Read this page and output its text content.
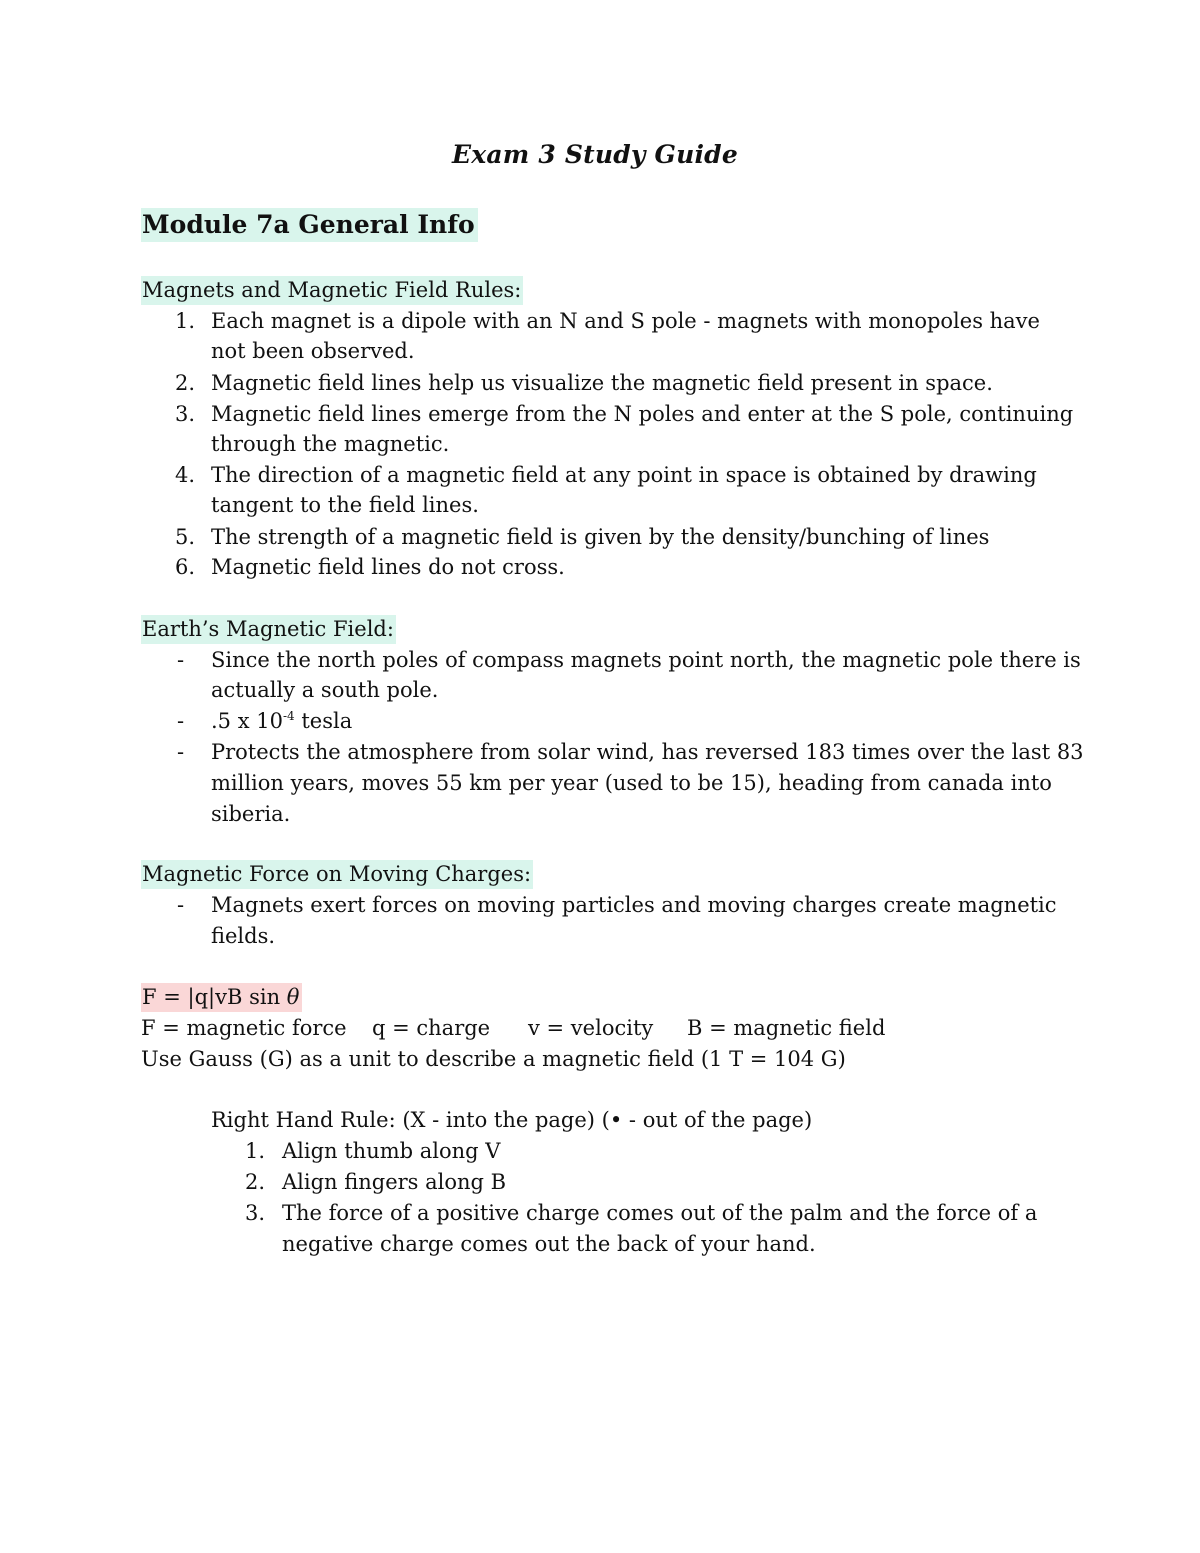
Exam 3 Study Guide
Module 7a General Info
Magnets and Magnetic Field Rules:
1. Each magnet is a dipole with an N and S pole - magnets with monopoles have
not been observed.
2. Magnetic field lines help us visualize the magnetic field present in space.
3. Magnetic field lines emerge from the N poles and enter at the S pole, continuing
through the magnetic.
4. The direction of a magnetic field at any point in space is obtained by drawing
tangent to the field lines.
5. The strength of a magnetic field is given by the density/bunching of lines
6. Magnetic field lines do not cross.
Earth’s Magnetic Field:
- Since the north poles of compass magnets point north, the magnetic pole there is
actually a south pole.
- .5 x $10^{-4}$ tesla
- Protects the atmosphere from solar wind, has reversed 183 times over the last 83
million years, moves 55 km per year (used to be 15), heading from canada into
siberia.
Magnetic Force on Moving Charges:
- Magnets exert forces on moving particles and moving charges create magnetic
fields.
F = |q|vB sin θ
F = magnetic force q = charge v = velocity B = magnetic field
Use Gauss (G) as a unit to describe a magnetic field (1 T = 104 G)
Right Hand Rule: (X - into the page) (• - out of the page)
1. Align thumb along V
2. Align fingers along B
3. The force of a positive charge comes out of the palm and the force of a
negative charge comes out the back of your hand.
